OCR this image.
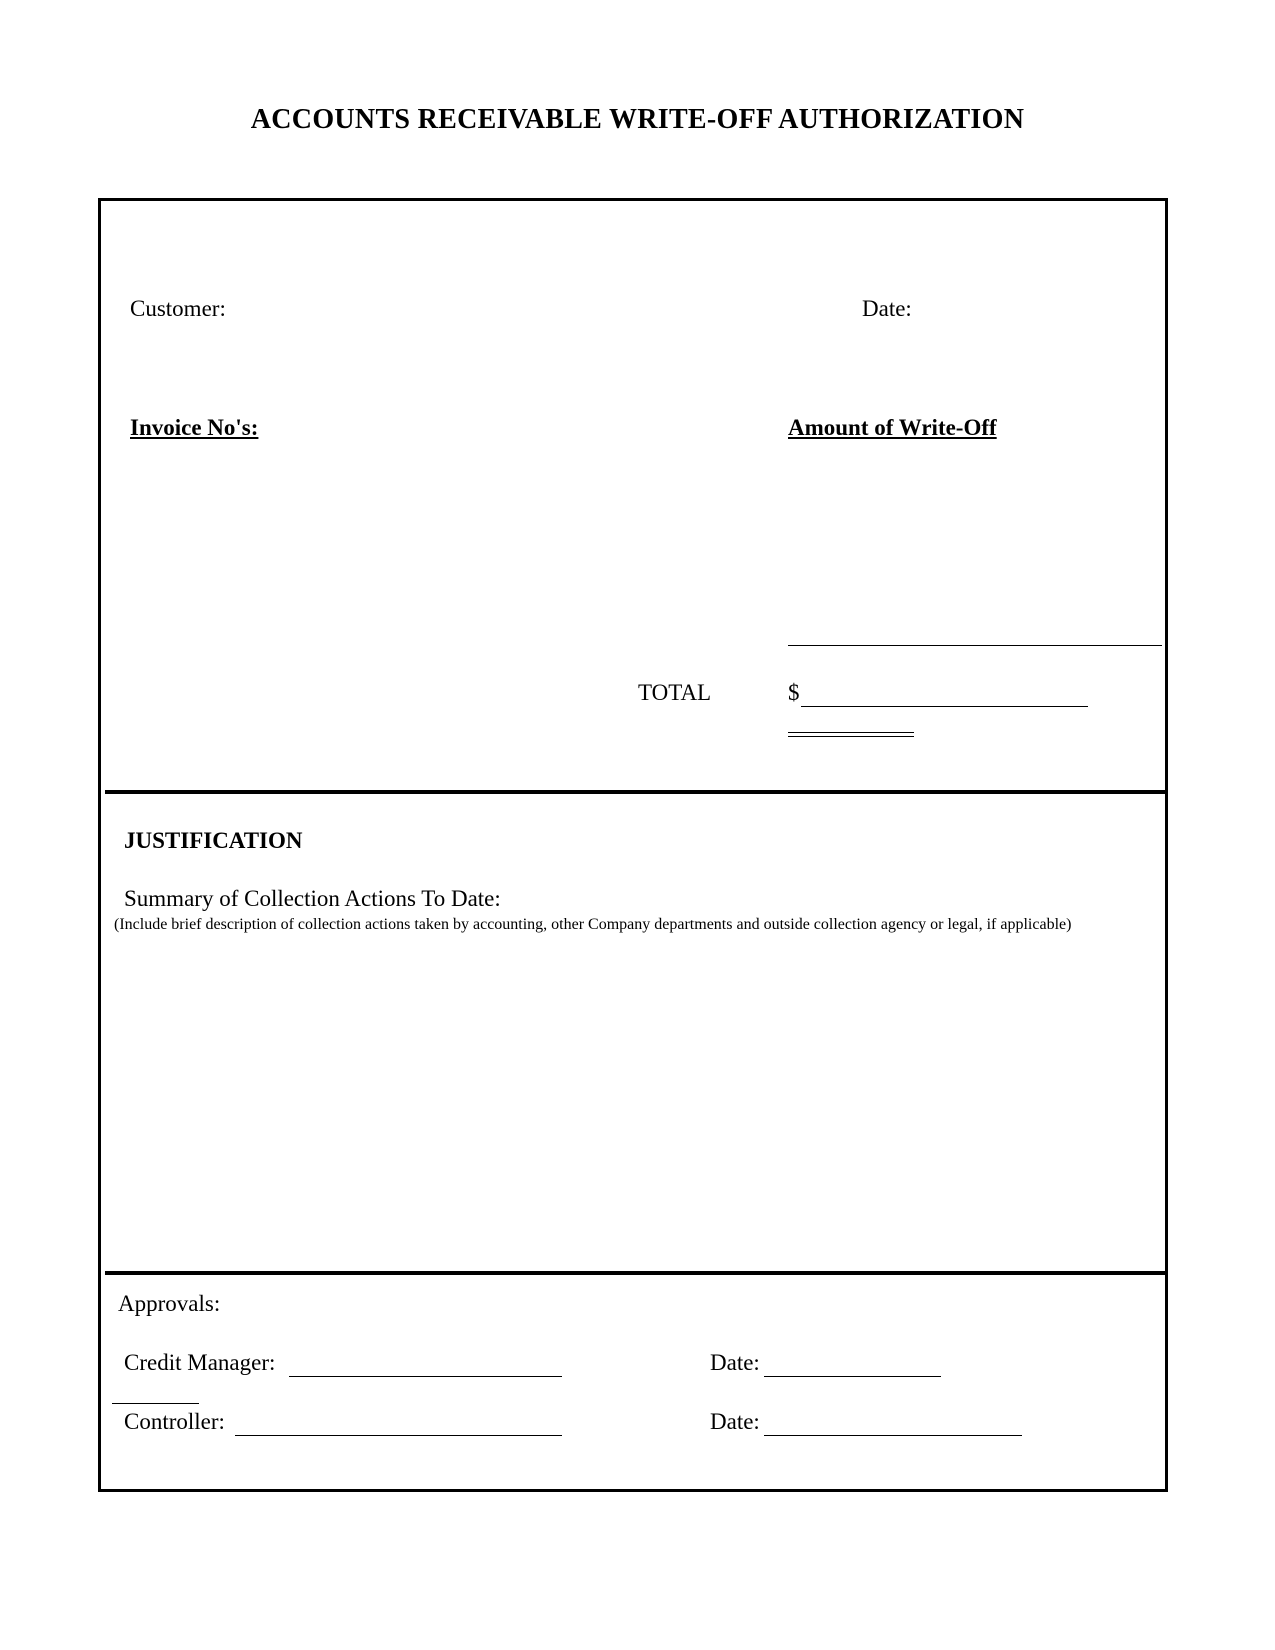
ACCOUNTS RECEIVABLE WRITE-OFF AUTHORIZATION
Customer:	Date:
Invoice No's:	Amount of Write-Off
TOTAL	$
JUSTIFICATION
Summary of Collection Actions To Date:
(Include brief description of collection actions taken by accounting, other Company departments and outside collection agency or legal, if applicable)
Approvals:
Credit Manager:	Date:
Controller:	Date:
